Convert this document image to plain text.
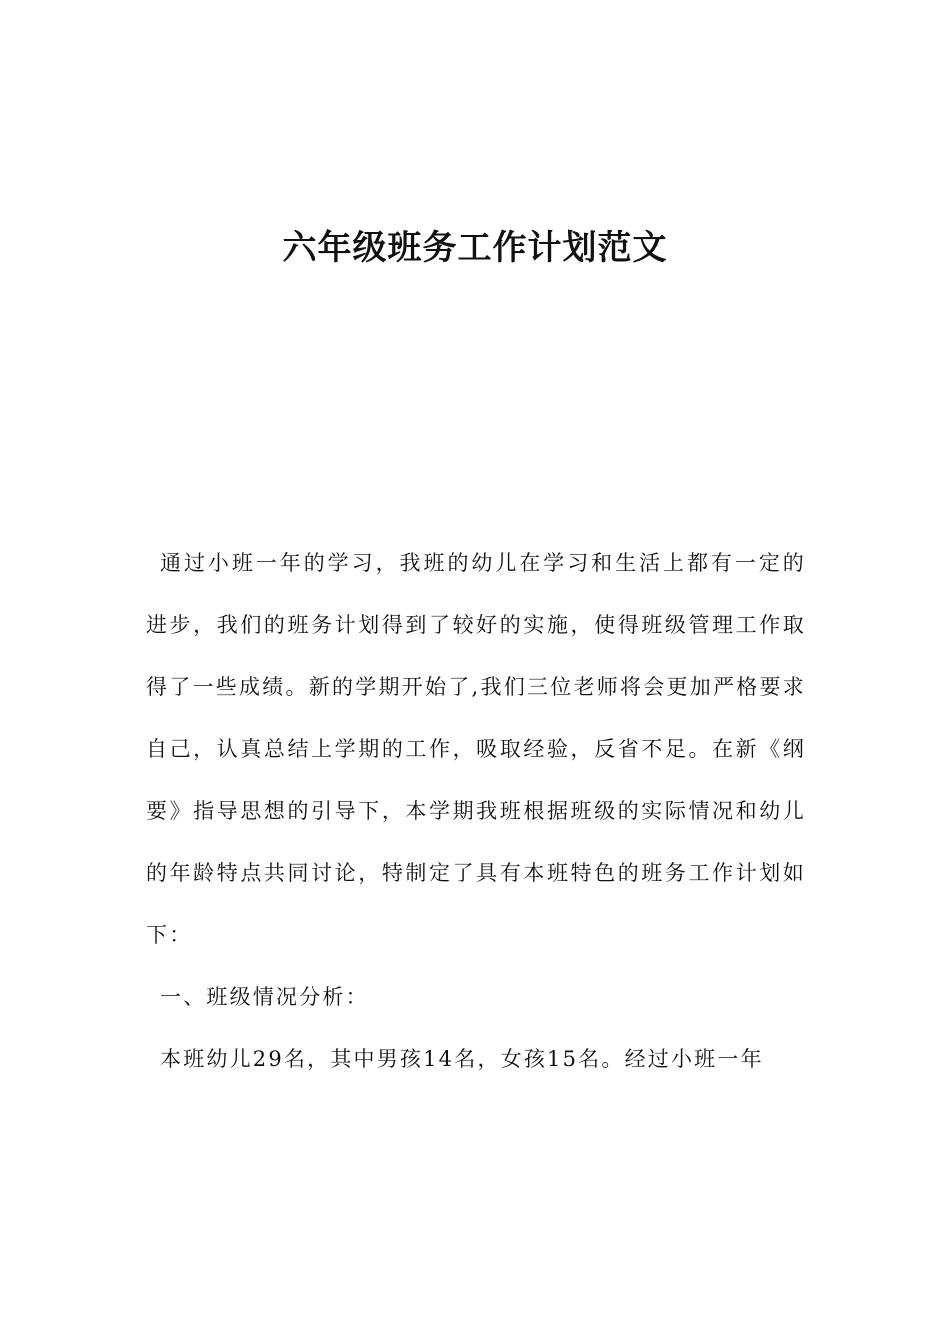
六年级班务工作计划范文

通过小班一年的学习，我班的幼儿在学习和生活上都有一定的进步，我们的班务计划得到了较好的实施，使得班级管理工作取得了一些成绩。新的学期开始了,我们三位老师将会更加严格要求自己，认真总结上学期的工作，吸取经验，反省不足。在新《纲要》指导思想的引导下，本学期我班根据班级的实际情况和幼儿的年龄特点共同讨论，特制定了具有本班特色的班务工作计划如下：

一、班级情况分析：

本班幼儿29名，其中男孩14名，女孩15名。经过小班一年
